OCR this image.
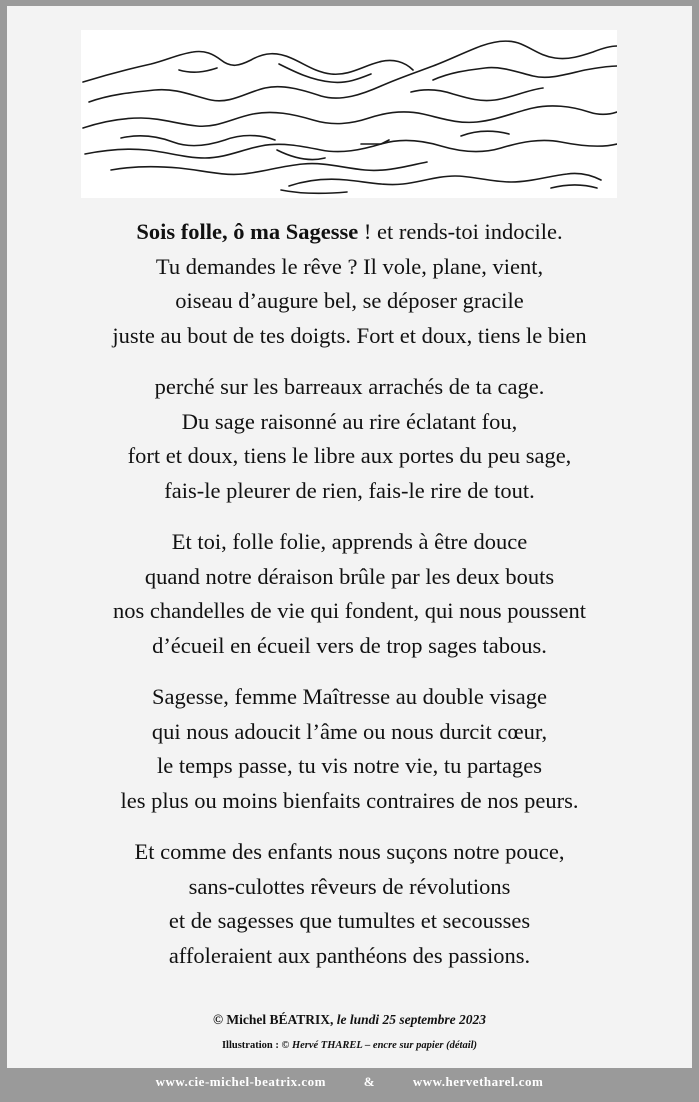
Sois folle, ô ma Sagesse ! et rends-toi indocile.
Tu demandes le rêve ? Il vole, plane, vient,
oiseau d’augure bel, se déposer gracile
juste au bout de tes doigts. Fort et doux, tiens le bien
perché sur les barreaux arrachés de ta cage.
Du sage raisonné au rire éclatant fou,
fort et doux, tiens le libre aux portes du peu sage,
fais-le pleurer de rien, fais-le rire de tout.
Et toi, folle folie, apprends à être douce
quand notre déraison brûle par les deux bouts
nos chandelles de vie qui fondent, qui nous poussent
d’écueil en écueil vers de trop sages tabous.
Sagesse, femme Maîtresse au double visage
qui nous adoucit l’âme ou nous durcit cœur,
le temps passe, tu vis notre vie, tu partages
les plus ou moins bienfaits contraires de nos peurs.
Et comme des enfants nous suçons notre pouce,
sans-culottes rêveurs de révolutions
et de sagesses que tumultes et secousses
affoleraient aux panthéons des passions.
© Michel BÉATRIX, le lundi 25 septembre 2023
Illustration : © Hervé THAREL – encre sur papier (détail)
www.cie-michel-beatrix.com	&	www.hervetharel.com
